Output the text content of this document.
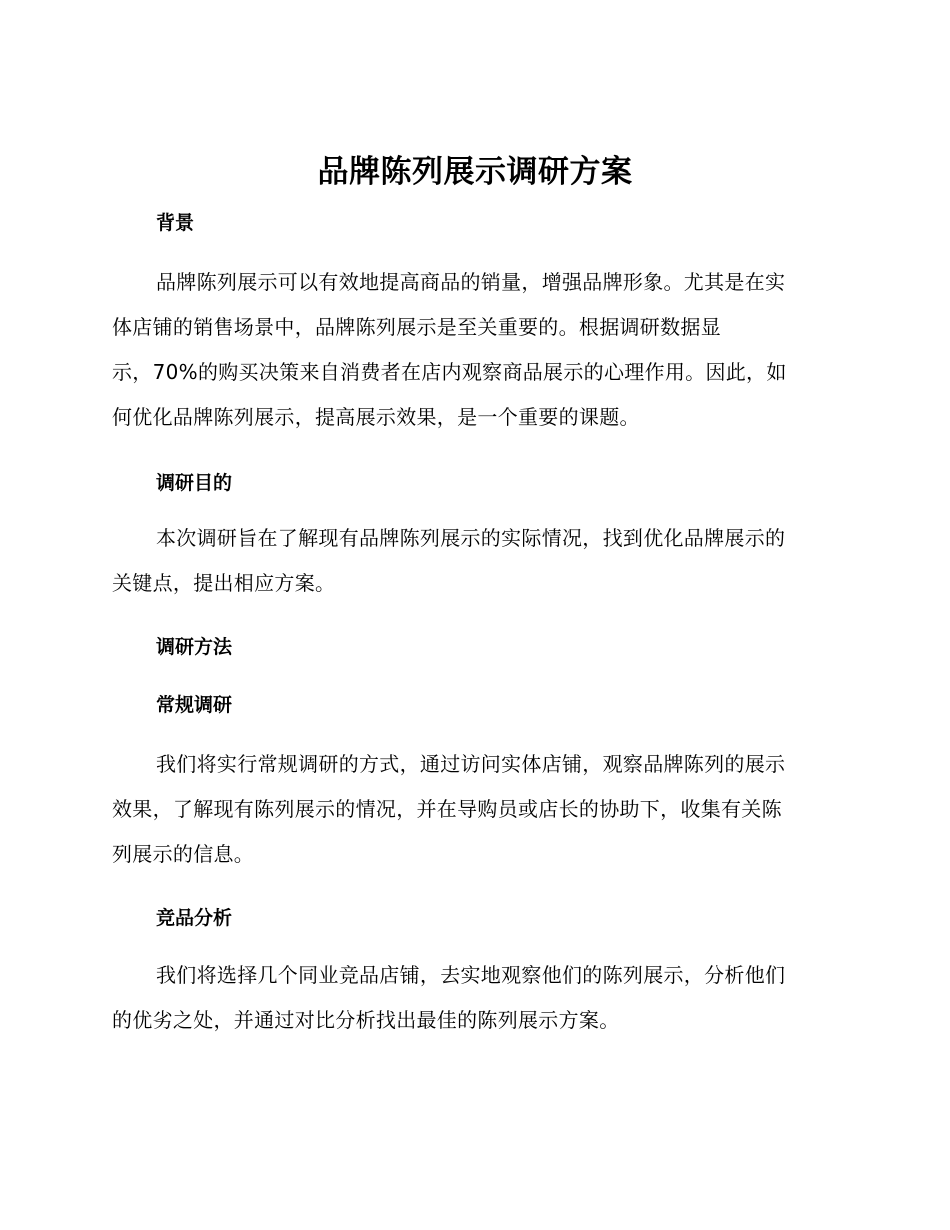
品牌陈列展示调研方案
背景

品牌陈列展示可以有效地提高商品的销量，增强品牌形象。尤其是在实
体店铺的销售场景中，品牌陈列展示是至关重要的。根据调研数据显
示，70%的购买决策来自消费者在店内观察商品展示的心理作用。因此，如
何优化品牌陈列展示，提高展示效果，是一个重要的课题。

调研目的

本次调研旨在了解现有品牌陈列展示的实际情况，找到优化品牌展示的
关键点，提出相应方案。

调研方法
常规调研

我们将实行常规调研的方式，通过访问实体店铺，观察品牌陈列的展示
效果，了解现有陈列展示的情况，并在导购员或店长的协助下，收集有关陈
列展示的信息。

竞品分析

我们将选择几个同业竞品店铺，去实地观察他们的陈列展示，分析他们
的优劣之处，并通过对比分析找出最佳的陈列展示方案。
